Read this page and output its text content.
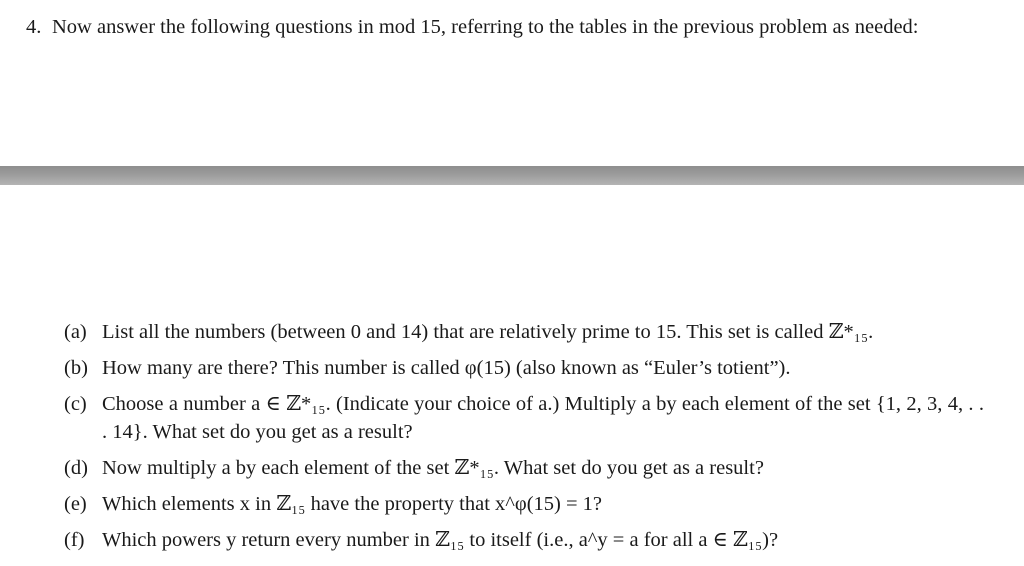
4. Now answer the following questions in mod 15, referring to the tables in the previous problem as needed:
(a) List all the numbers (between 0 and 14) that are relatively prime to 15. This set is called ℤ*₁₅.
(b) How many are there? This number is called φ(15) (also known as “Euler’s totient”).
(c) Choose a number a ∈ ℤ*₁₅. (Indicate your choice of a.) Multiply a by each element of the set {1, 2, 3, 4, . . . 14}. What set do you get as a result?
(d) Now multiply a by each element of the set ℤ*₁₅. What set do you get as a result?
(e) Which elements x in ℤ₁₅ have the property that x^φ(15) = 1?
(f) Which powers y return every number in ℤ₁₅ to itself (i.e., a^y = a for all a ∈ ℤ₁₅)?
